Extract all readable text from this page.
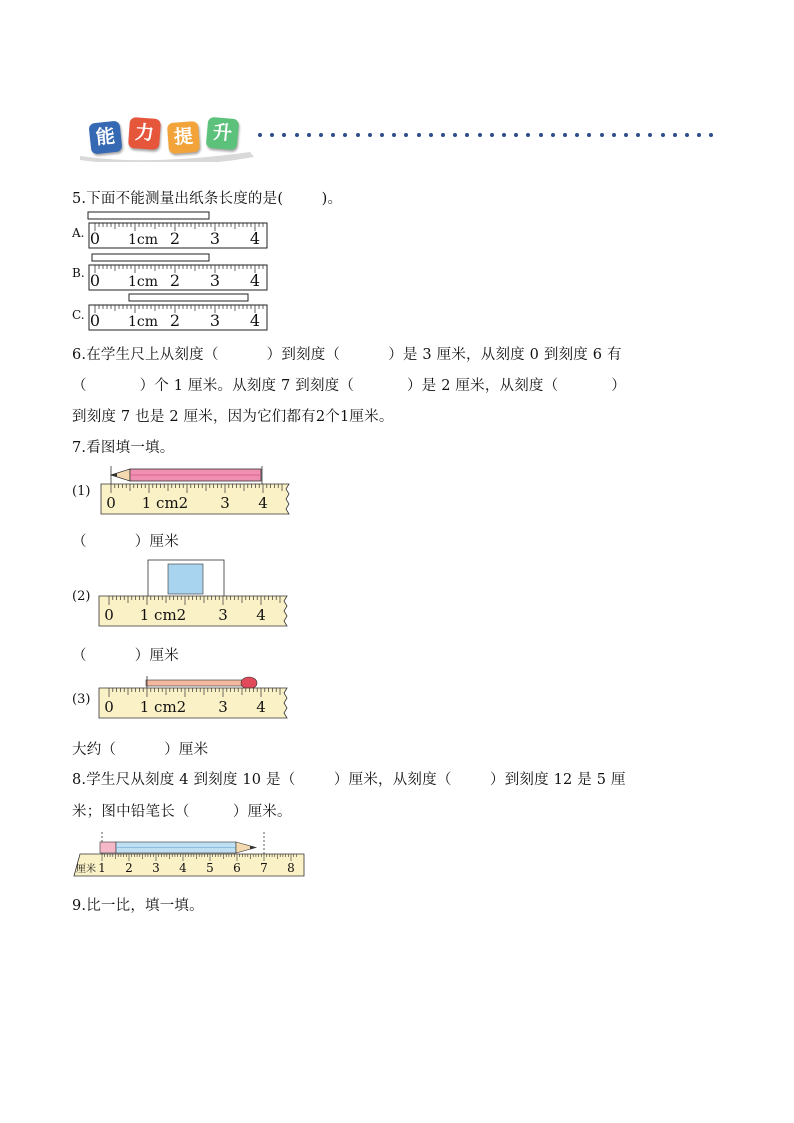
能 力 提 升
5.下面不能测量出纸条长度的是(        )。
A.
B.
C.
0 1cm 2 3 4
0 1cm 2 3 4
0 1cm 2 3 4
6.在学生尺上从刻度（          ）到刻度（          ）是 3 厘米，从刻度 0 到刻度 6 有
（           ）个 1 厘米。从刻度 7 到刻度（           ）是 2 厘米，从刻度（           ）
到刻度 7 也是 2 厘米，因为它们都有2个1厘米。
7.看图填一填。
(1)
0 1 cm2 3 4
（          ）厘米
(2)
0 1 cm2 3 4
（          ）厘米
(3) 0 1 cm2 3 4
大约（          ）厘米
8.学生尺从刻度 4 到刻度 10 是（        ）厘米，从刻度（        ）到刻度 12 是 5 厘
米；图中铅笔长（         ）厘米。
厘米 1 2 3 4 5 6 7 8
9.比一比，填一填。
